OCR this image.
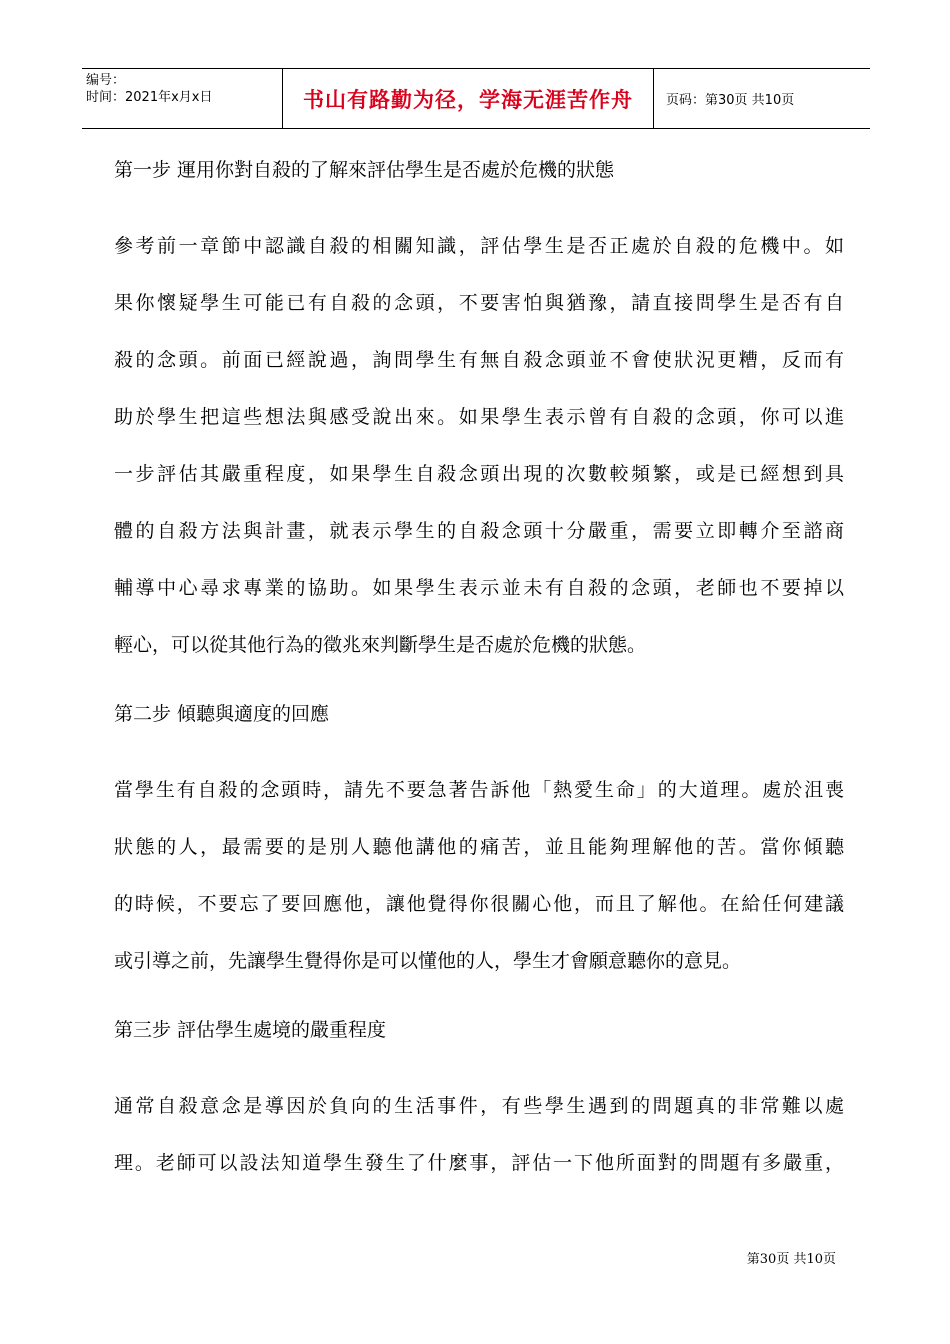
编号：
时间：2021年x月x日	书山有路勤为径，学海无涯苦作舟	页码：第30页 共10页

第一步 運用你對自殺的了解來評估學生是否處於危機的狀態

參考前一章節中認識自殺的相關知識，評估學生是否正處於自殺的危機中。如
果你懷疑學生可能已有自殺的念頭，不要害怕與猶豫，請直接問學生是否有自
殺的念頭。前面已經說過，詢問學生有無自殺念頭並不會使狀況更糟，反而有
助於學生把這些想法與感受說出來。如果學生表示曾有自殺的念頭，你可以進
一步評估其嚴重程度，如果學生自殺念頭出現的次數較頻繁，或是已經想到具
體的自殺方法與計畫，就表示學生的自殺念頭十分嚴重，需要立即轉介至諮商
輔導中心尋求專業的協助。如果學生表示並未有自殺的念頭，老師也不要掉以
輕心，可以從其他行為的徵兆來判斷學生是否處於危機的狀態。

第二步 傾聽與適度的回應

當學生有自殺的念頭時，請先不要急著告訴他「熱愛生命」的大道理。處於沮喪
狀態的人，最需要的是別人聽他講他的痛苦，並且能夠理解他的苦。當你傾聽
的時候，不要忘了要回應他，讓他覺得你很關心他，而且了解他。在給任何建議
或引導之前，先讓學生覺得你是可以懂他的人，學生才會願意聽你的意見。

第三步 評估學生處境的嚴重程度

通常自殺意念是導因於負向的生活事件，有些學生遇到的問題真的非常難以處
理。老師可以設法知道學生發生了什麼事，評估一下他所面對的問題有多嚴重，

第30页 共10页
